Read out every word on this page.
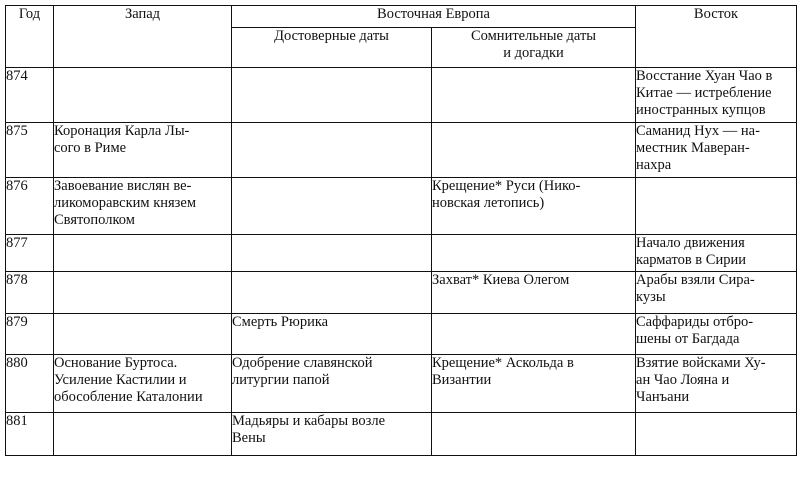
Год	Запад	Восточная Европа		Восток
		Достоверные даты	Сомнительные даты
и догадки	
874				Восстание Хуан Чао в
Китае — истребление
иностранных купцов
875	Коронация Карла Лы-
сого в Риме			Саманид Нух — на-
местник Маверан-
нахра
876	Завоевание вислян ве-
ликоморавским князем
Святополком		Крещение* Руси (Нико-
новская летопись)	
877				Начало движения
карматов в Сирии
878			Захват* Киева Олегом	Арабы взяли Сира-
кузы
879		Смерть Рюрика		Саффариды отбро-
шены от Багдада
880	Основание Буртоса.
Усиление Кастилии и
обособление Каталонии	Одобрение славянской
литургии папой	Крещение* Аскольда в
Византии	Взятие войсками Ху-
ан Чао Лояна и
Чанъани
881		Мадьяры и кабары возле
Вены		
